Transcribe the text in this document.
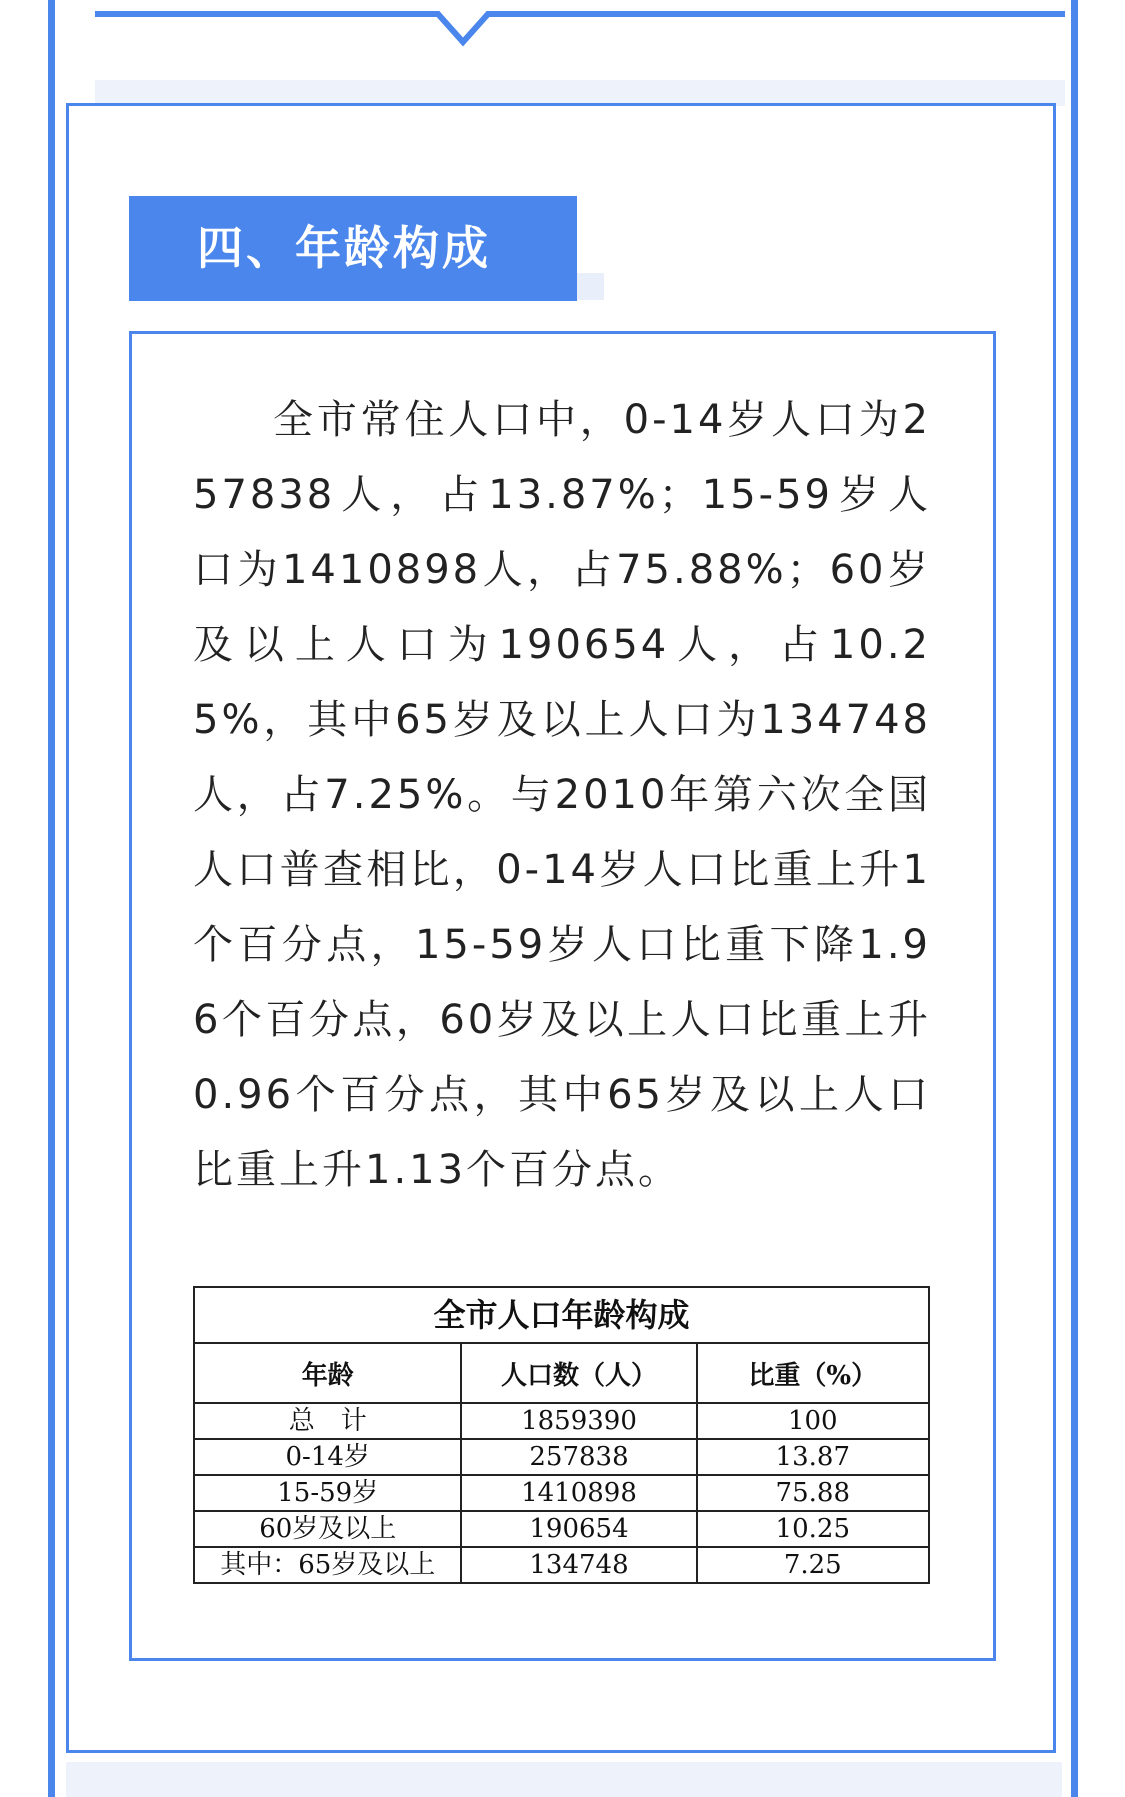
四、年龄构成

全市常住人口中，0-14岁人口为257838人，占13.87%；15-59岁人口为1410898人，占75.88%；60岁及以上人口为190654人，占10.25%，其中65岁及以上人口为134748人，占7.25%。与2010年第六次全国人口普查相比，0-14岁人口比重上升1个百分点，15-59岁人口比重下降1.96个百分点，60岁及以上人口比重上升0.96个百分点，其中65岁及以上人口比重上升1.13个百分点。

全市人口年龄构成
年龄	人口数（人）	比重（%）
总　计	1859390	100
0-14岁	257838	13.87
15-59岁	1410898	75.88
60岁及以上	190654	10.25
其中：65岁及以上	134748	7.25
